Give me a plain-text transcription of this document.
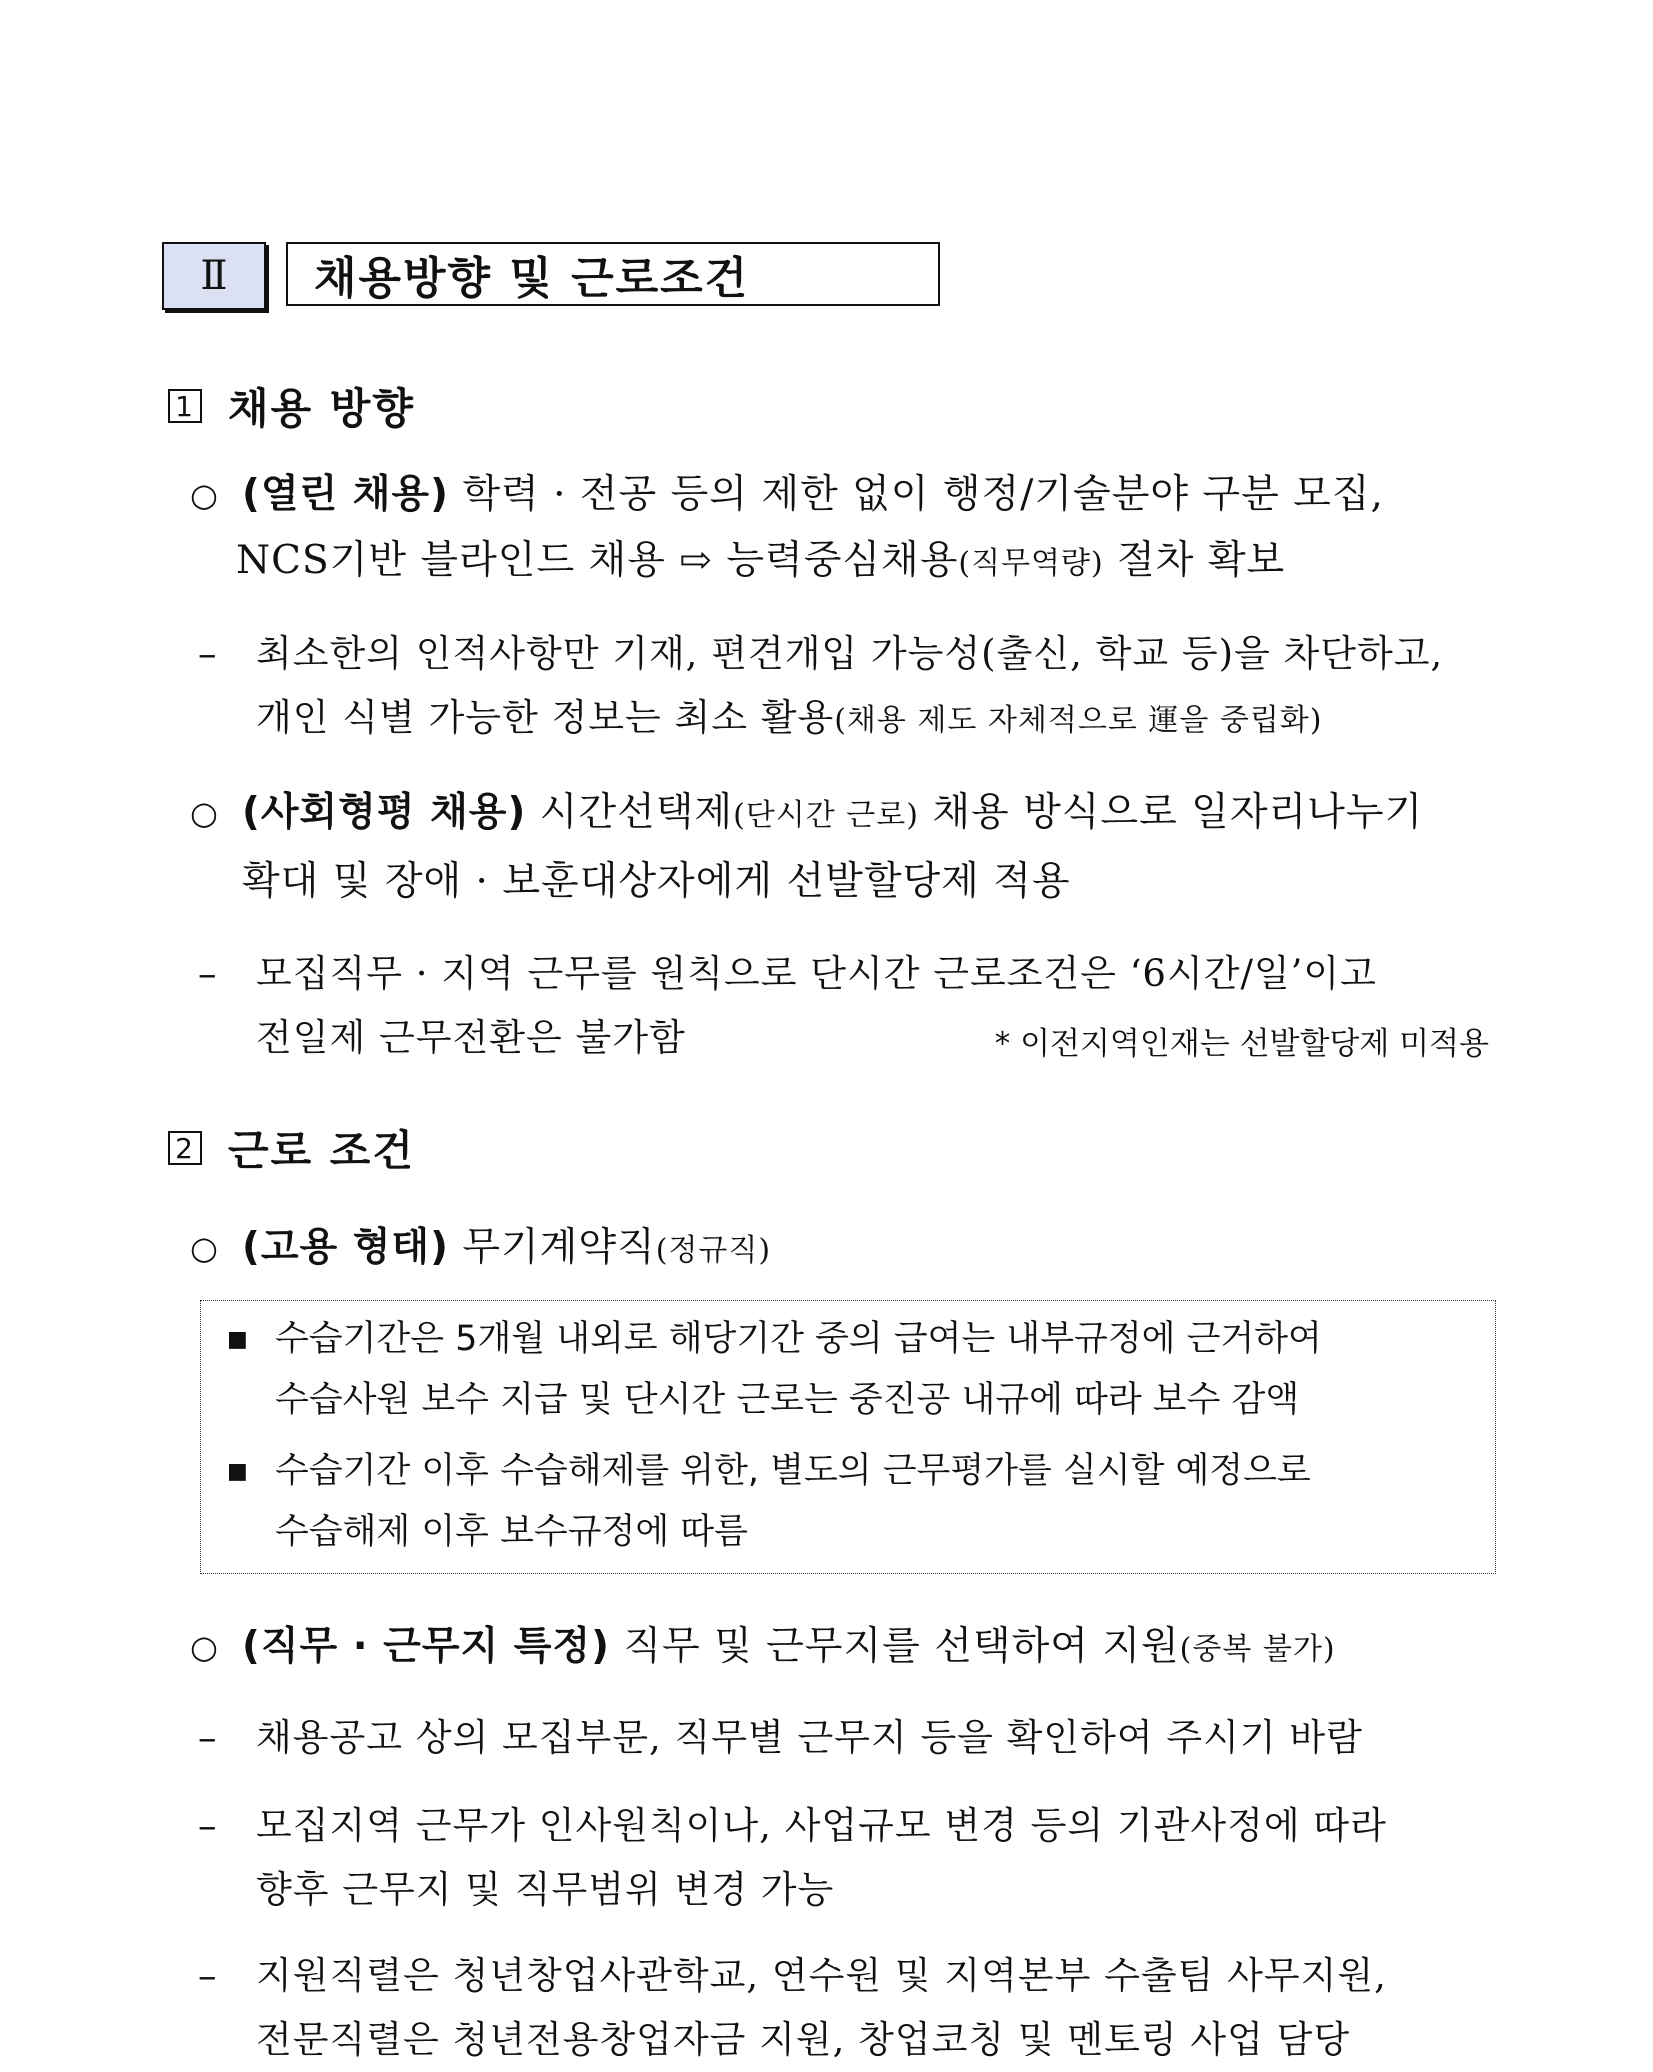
Ⅱ	채용방향 및 근로조건
1 채용 방향
○ (열린 채용) 학력 · 전공 등의 제한 없이 행정/기술분야 구분 모집,
NCS기반 블라인드 채용 ⇨ 능력중심채용(직무역량) 절차 확보
– 최소한의 인적사항만 기재, 편견개입 가능성(출신, 학교 등)을 차단하고,
개인 식별 가능한 정보는 최소 활용(채용 제도 자체적으로 運을 중립화)
○ (사회형평 채용) 시간선택제(단시간 근로) 채용 방식으로 일자리나누기
확대 및 장애 · 보훈대상자에게 선발할당제 적용
– 모집직무 · 지역 근무를 원칙으로 단시간 근로조건은 ‘6시간/일’이고
전일제 근무전환은 불가함	* 이전지역인재는 선발할당제 미적용
2 근로 조건
○ (고용 형태) 무기계약직(정규직)
■ 수습기간은 5개월 내외로 해당기간 중의 급여는 내부규정에 근거하여
수습사원 보수 지급 및 단시간 근로는 중진공 내규에 따라 보수 감액
■ 수습기간 이후 수습해제를 위한, 별도의 근무평가를 실시할 예정으로
수습해제 이후 보수규정에 따름
○ (직무 · 근무지 특정) 직무 및 근무지를 선택하여 지원(중복 불가)
– 채용공고 상의 모집부문, 직무별 근무지 등을 확인하여 주시기 바람
– 모집지역 근무가 인사원칙이나, 사업규모 변경 등의 기관사정에 따라
향후 근무지 및 직무범위 변경 가능
– 지원직렬은 청년창업사관학교, 연수원 및 지역본부 수출팀 사무지원,
전문직렬은 청년전용창업자금 지원, 창업코칭 및 멘토링 사업 담당
